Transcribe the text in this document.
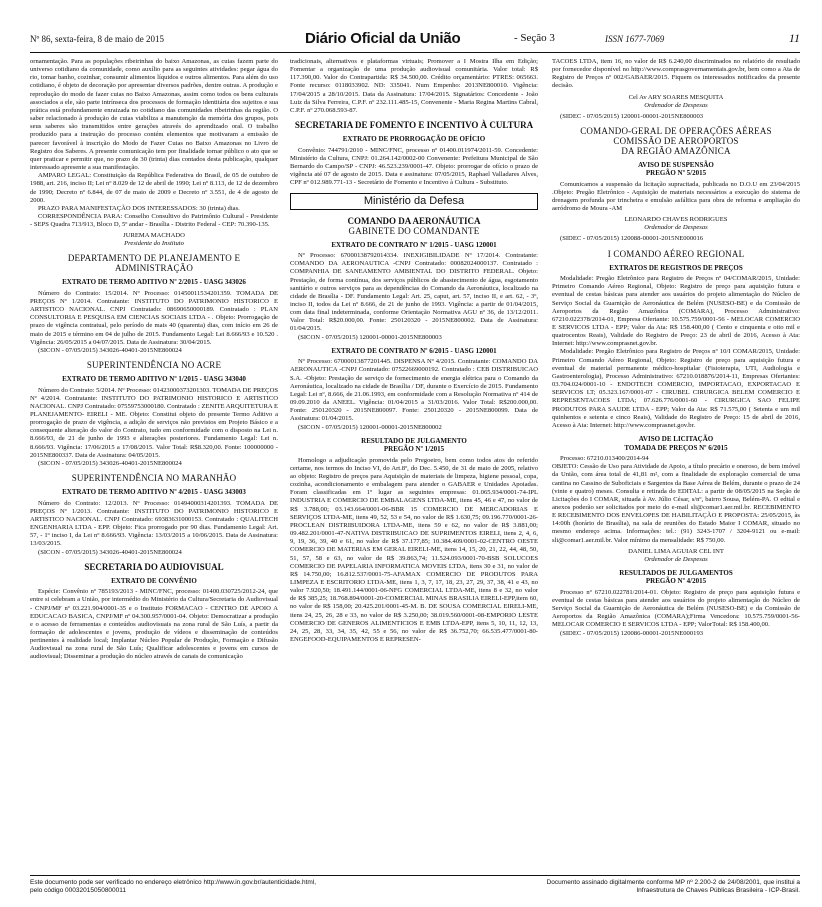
Nº 86, sexta-feira, 8 de maio de 2015	Diário Oficial da União	- Seção 3	ISSN 1677-7069	11

ornamentação. Para as populações ribeirinhas do baixo Amazonas, as cuias fazem parte do universo cotidiano da comunidade, como auxílio para as seguintes atividades: pegar água do rio, tomar banho, cozinhar, consumir alimentos líquidos e outros alimentos. Para além do uso cotidiano, é objeto de decoração por apresentar diversos padrões, dentre outras. A produção e reprodução do modo de fazer cuias no Baixo Amazonas, assim como todos os bens culturais associados a ele, são parte intrínseca dos processos de formação identitária dos sujeitos e sua prática está profundamente enraizada no cotidiano das comunidades ribeirinhas da região. O saber relacionado à produção de cuias viabiliza a manutenção da memória dos grupos, pois seus saberes são transmitidos entre gerações através do aprendizado oral. O trabalho produzido para a instrução do processo contém elementos que motivaram a emissão de parecer favorável à inscrição do Modo de Fazer Cuias no Baixo Amazonas no Livro de Registro dos Saberes. A presente comunicação tem por finalidade tornar público o ato que se quer praticar e permitir que, no prazo de 30 (trinta) dias contados desta publicação, qualquer interessado apresente a sua manifestação.

AMPARO LEGAL: Constituição da República Federativa do Brasil, de 05 de outubro de 1988, art. 216, inciso II; Lei nº 8.029 de 12 de abril de 1990; Lei nº 8.113, de 12 de dezembro de 1990; Decreto nº 6.844, de 07 de maio de 2009 e Decreto nº 3.551, de 4 de agosto de 2000.

PRAZO PARA MANIFESTAÇÃO DOS INTERESSADOS: 30 (trinta) dias.

CORRESPONDÊNCIA PARA: Conselho Consultivo do Patrimônio Cultural - Presidente - SEPS Quadra 713/913, Bloco D, 5º andar - Brasília - Distrito Federal - CEP: 70.390-135.

JUREMA MACHADO
Presidente do Instituto
DEPARTAMENTO DE PLANEJAMENTO E ADMINISTRAÇÃO
EXTRATO DE TERMO ADITIVO Nº 2/2015 - UASG 343026

Número do Contrato: 15/2014. Nº Processo: 01450011534201359. TOMADA DE PREÇOS Nº 1/2014. Contratante: INSTITUTO DO PATRIMONIO HISTORICO E ARTISTICO NACIONAL. CNPJ Contratado: 08690650000189. Contratado : PLAN CONSULTORIA E PESQUISA EM CIENCIAS SOCIAIS LTDA - . Objeto: Prorrogação de prazo de vigência contratual, pelo período de mais 40 (quarenta) dias, com início em 26 de maio de 2015 e término em 04 de julho de 2015. Fundamento Legal: Lei 8.666/93 e 10.520 . Vigência: 26/05/2015 a 04/07/2015. Data de Assinatura: 30/04/2015.

(SICON - 07/05/2015) 343026-40401-2015NE800024

SUPERINTENDÊNCIA NO ACRE
EXTRATO DE TERMO ADITIVO Nº 1/2015 - UASG 343040

Número do Contrato: 5/2014. Nº Processo: 01423000373201303. TOMADA DE PREÇOS Nº 4/2014. Contratante: INSTITUTO DO PATRIMONIO HISTORICO E ARTISTICO NACIONAL. CNPJ Contratado: 07559753000180. Contratado : ZENITE ARQUITETURA E PLANEJAMENTO- EIRELI - ME. Objeto: Constitui objeto do presente Termo Aditivo a prorrogação de prazo de vigência, a adição de serviços não previstos em Projeto Básico e a consequente alteração do valor do Contrato, tudo em conformidade com o disposto na Lei n. 8.666/93, de 21 de junho de 1993 e alterações posteriores. Fundamento Legal: Lei n. 8.666/93. Vigência: 17/06/2015 a 17/08/2015. Valor Total: R$8.320,00. Fonte: 100000000 - 2015NE800337. Data de Assinatura: 04/05/2015.

(SICON - 07/05/2015) 343026-40401-2015NE800024

SUPERINTENDÊNCIA NO MARANHÃO
EXTRATO DE TERMO ADITIVO Nº 4/2015 - UASG 343003

Número do Contrato: 12/2013. Nº Processo: 01494000314201393. TOMADA DE PREÇOS Nº 1/2013. Contratante: INSTITUTO DO PATRIMONIO HISTORICO E ARTISTICO NACIONAL. CNPJ Contratado: 69383631000153. Contratado : QUALITECH ENGENHARIA LTDA - EPP. Objeto: Fica prorrogado por 90 dias. Fundamento Legal: Art. 57, - 1º inciso I, da Lei nº 8.666/93. Vigência: 13/03/2015 a 10/06/2015. Data de Assinatura: 13/03/2015.

(SICON - 07/05/2015) 343026-40401-2015NE800024

SECRETARIA DO AUDIOVISUAL
EXTRATO DE CONVÊNIO

Espécie: Convênio nº 785193/2013 - MINC/FNC, processo: 01400.030725/2012-24, que entre si celebram a União, por intermédio do Ministério da Cultura/Secretaria do Audiovisual - CNPJ/MF nº 03.221.904/0001-35 e o Instituto FORMACAO - CENTRO DE APOIO A EDUCACAO BASICA, CNPJ/MF nº 04.300.957/0001-04. Objeto: Democratizar a produção e o acesso de ferramentas e conteúdos audiovisuais na zona rural de São Luís, a partir da formação de adolescentes e jovens, produção de vídeos e disseminação de conteúdos pertinentes à realidade local; Implantar Núcleo Popular de Produção, Formação e Difusão Audiovisual na zona rural de São Luís; Qualificar adolescentes e jovens em cursos de audiovisual; Disseminar a produção do núcleo através de canais de comunicação

tradicionais, alternativos e plataformas virtuais; Promover a I Mostra Ilha em Edição; Fomentar a organização de uma produção audiovisual comunitária. Valor total: R$ 117.390,00. Valor do Contrapartida: R$ 34.500,00. Crédito orçamentário: PTRES: 065663. Fonte recurso: 0118033902. ND: 335041. Num Empenho: 2013NE800010. Vigência: 17/04/2015 a 28/10/2015. Data da Assinatura: 17/04/2015. Signatários: Concedente - João Luiz da Silva Ferreira, C.P.F. nº 232.111.485-15, Convenente - Maria Regina Martins Cabral, C.P.F. nº 270.068.593-87.

SECRETARIA DE FOMENTO E INCENTIVO À CULTURA
EXTRATO DE PRORROGAÇÃO DE OFÍCIO

Convênio: 744791/2010 - MINC/FNC, processo nº 01400.011974/2011-59. Concedente: Ministério da Cultura, CNPJ: 01.264.142/0002-00 Convenente: Prefeitura Municipal de São Bernardo do Campo/SP - CNPJ: 46.523.239/0001-47. Objeto: prorrogar de ofício o prazo de vigência até 07 de agosto de 2015. Data e assinatura: 07/05/2015, Raphael Valladares Alves, CPF nº 012.989.771-13 - Secretário de Fomento e Incentivo à Cultura - Substituto.

Ministério da Defesa
COMANDO DA AERONÁUTICA
GABINETE DO COMANDANTE
EXTRATO DE CONTRATO Nº 1/2015 - UASG 120001

Nº Processo: 67000138792014334. INEXIGIBILIDADE Nº 17/2014. Contratante: COMANDO DA AERONAUTICA -CNPJ Contratado: 00082024000137. Contratado : COMPANHIA DE SANEAMENTO AMBIENTAL DO DISTRITO FEDERAL. Objeto: Prestação, de forma contínua, dos serviços públicos de abastecimento de água, esgotamento sanitário e outros serviços para as dependências do Comando da Aeronáutica, localizado na cidade de Brasília - DF. Fundamento Legal: Art. 25, caput, art. 57, inciso II, e art. 62, - 3º, inciso II, todos da Lei nº 8.666, de 21 de junho de 1993. Vigência: a partir de 01/04/2015, com data final indeterminada, conforme Orientação Normativa AGU nº 36, de 13/12/2011. Valor Total: R$20.000,00. Fonte: 250120320 - 2015NE800002. Data de Assinatura: 01/04/2015.

(SICON - 07/05/2015) 120001-00001-2015NE800003

EXTRATO DE CONTRATO Nº 6/2015 - UASG 120001

Nº Processo: 67000013877201445. DISPENSA Nº 4/2015. Contratante: COMANDO DA AERONAUTICA -CNPJ Contratado: 07522669000192. Contratado : CEB DISTRIBUICAO S.A. -Objeto: Prestação de serviço de fornecimento de energia elétrica para o Comando da Aeronáutica, localizado na cidade de Brasília / DF, durante o Exercício de 2015. Fundamento Legal: Lei nº, 8.666, de 21.06.1993, em conformidade com a Resolução Normativa nº 414 de 09.09.2010 da ANEEL. Vigência: 01/04/2015 a 31/03/2016. Valor Total: R$200.000,00. Fonte: 250120320 - 2015NE800097. Fonte: 250120320 - 2015NE800099. Data de Assinatura: 01/04/2015.

(SICON - 07/05/2015) 120001-00001-2015NE800002

RESULTADO DE JULGAMENTO
PREGÃO Nº 1/2015

Homologo a adjudicação promovida pelo Pregoeiro, bem como todos atos do referido certame, nos termos do Inciso VI, do Art.8º, do Dec. 5.450, de 31 de maio de 2005, relativo ao objeto: Registro de preços para Aquisição de materiais de limpeza, higiene pessoal, copa, cozinha, acondicionamento e embalagem para atender o GABAER e Unidades Apoiadas. Foram classificadas em 1º lugar as seguintes empresas: 01.065.934/0001-74-IPL INDUSTRIA E COMERCIO DE EMBALAGENS LTDA-ME, itens 45, 46 e 47, no valor de R$ 3.788,00; 03.143.664/0001-06-BBR 15 COMERCIO DE MERCADORIAS E SERVIÇOS LTDA-ME, itens 49, 52, 53 e 54, no valor de R$ 1.630,75; 09.196.770/0001-26-PROCLEAN DISTRIBUIDORA LTDA-ME, itens 59 e 62, no valor de R$ 3.881,00; 09.482.201/0001-47-NATIVA DISTRIBUICAO DE SUPRIMENTOS EIRELI, itens 2, 4, 6, 9, 19, 36, 39, 40 e 61, no valor de R$ 37.177,85; 10.384.409/0001-02-CENTRO OESTE COMERCIO DE MATERIAS EM GERAL EIRELI-ME, itens 14, 15, 20, 21, 22, 44, 48, 50, 51, 57, 58 e 63, no valor de R$ 39.863,74; 11.524.093/0001-70-BSB SOLUCOES COMERCIO DE PAPELARIA INFORMATICA MOVEIS LTDA, itens 30 e 31, no valor de R$ 14.750,00; 16.812.537/0001-75-AFAMAX COMERCIO DE PRODUTOS PARA LIMPEZA E ESCRITORIO LTDA-ME, itens 1, 3, 7, 17, 18, 23, 27, 29, 37, 38, 41 e 43, no valor 7.920,50; 18.491.144/0001-06-NFG COMERCIAL LTDA-ME, itens 8 e 32, no valor de R$ 385,25; 18.768.894/0001-20-COMERCIAL MINAS BRASILIA EIRELI-EPP,item 60, no valor de R$ 158,00; 20.425.201/0001-45-M. B. DE SOUSA COMERCIAL EIRELI-ME, itens 24, 25, 26, 28 e 33, no valor de R$ 3.250,00; 38.019.560/0001-08-EMPORIO LESTE COMERCIO DE GENEROS ALIMENTICIOS E EMB LTDA-EPP, itens 5, 10, 11, 12, 13, 24, 25, 28, 33, 34, 35, 42, 55 e 56, no valor de R$ 36.752,70; 66.535.477/0001-80-ENGEFOOD-EQUIPAMENTOS E REPRESEN-

TACOES LTDA, item 16, no valor de R$ 6.240,00 discriminados no relatório de resultado por fornecedor disponível no http://www.comprasgovernamentais.gov.br, bem como a Ata de Registro de Preços nº 002/GABAER/2015. Fiquem os interessados notificados da presente decisão.

Cel Av ARY SOARES MESQUITA
Ordenador de Despesas

(SIDEC - 07/05/2015) 120001-00001-2015NE800003

COMANDO-GERAL DE OPERAÇÕES AÉREAS
COMISSÃO DE AEROPORTOS
DA REGIÃO AMAZÔNICA
AVISO DE SUSPENSÃO
PREGÃO Nº 5/2015

Comunicamos a suspensão da licitação supracitada, publicada no D.O.U em 23/04/2015 .Objeto: Pregão Eletrônico - Aquisição de materiais necessários a execução do sistema de drenagem profunda por trincheira e emulsão asfáltica para obra de reforma e ampliação do aeródromo de Moura -AM

LEONARDO CHAVES RODRIGUES
Ordenador de Despesas

(SIDEC - 07/05/2015) 120088-00001-2015NE000016

I COMANDO AÉREO REGIONAL
EXTRATOS DE REGISTROS DE PREÇOS

Modalidade: Pregão Eletrônico para Registro de Preços nº 04/COMAR/2015, Unidade: Primeiro Comando Aéreo Regional, Objeto: Registro de preço para aquisição futura e eventual de cestas básicas para atender aos usuários do projeto alimentação do Núcleo de Serviço Social da Guarnição de Aeronáutica de Belém (NUSESO-BE) e da Comissão de Aeroportos da Região Amazônica (COMARA), Processo Administrativo: 67210.022378/2014-01, Empresa Ofertante: 10.575.759/0001-56 - MELOCAR COMERCIO E SERVICOS LTDA - EPP; Valor da Ata: R$ 158.400,00 ( Cento e cinquenta e oito mil e quatrocentos Reais), Validade do Registro de Preço: 23 de abril de 2016, Acesso à Ata: Internet: http://www.comprasnet.gov.br.

Modalidade: Pregão Eletrônico para Registro de Preços nº 10/I COMAR/2015, Unidade: Primeiro Comando Aéreo Regional, Objeto: Registro de preço para aquisição futura e eventual de material permanente médico-hospitalar (Fisioterapia, UTI, Audiologia e Gastroenterologia), Processo Administrativo: 67210.018876/2014-11, Empresas Ofertantes: 03.704.024/0001-10 - ENDOTECH COMERCIO, IMPORTACAO, EXPORTACAO E SERVICOS LT; 05.323.167/0001-07 - CIRUBEL CIRURGICA BELEM COMERCIO E REPRESENTACOES LTDA; 07.626.776/0001-60 - CIRURGICA SAO FELIPE PRODUTOS PARA SAUDE LTDA - EPP; Valor da Ata: R$ 71.575,00 ( Setenta e um mil quinhentos e setenta e cinco Reais), Validade do Registro de Preço: 15 de abril de 2016, Acesso à Ata: Internet: http://www.comprasnet.gov.br.

AVISO DE LICITAÇÃO
TOMADA DE PREÇOS Nº 6/2015

Processo: 67210.013400/2014-94

OBJETO: Cessão de Uso para Atividade de Apoio, a título precário e oneroso, de bem imóvel da União, com área total de 41,81 m², com a finalidade de exploração comercial de uma cantina no Cassino de Suboficiais e Sargentos da Base Aérea de Belém, durante o prazo de 24 (vinte e quatro) meses. Consulta e retirada do EDITAL: a partir de 08/05/2015 na Seção de Licitações do I COMAR, situada à Av. Júlio César, s/nº, bairro Sousa, Belém-PA. O edital e anexos poderão ser solicitados por meio do e-mail sli@comar1.aer.mil.br. RECEBIMENTO E RECEBIMENTO DOS ENVELOPES DE HABILITAÇÃO E PROPOSTA: 25/05/2015, às 14:00h (horário de Brasília), na sala de reuniões do Estado Maior I COMAR, situado no mesmo endereço acima. Informações: tel.: (91) 3243-1707 / 3204-9121 ou e-mail: sli@comar1.aer.mil.br. Valor mínimo da mensalidade: R$ 750,00.

DANIEL LIMA AGUIAR CEL INT
Ordenador de Despesas
RESULTADOS DE JULGAMENTOS
PREGÃO Nº 4/2015

Processo nº 67210.022781/2014-01. Objeto: Registro de preço para aquisição futura e eventual de cestas básicas para atender aos usuários do projeto alimentação do Núcleo de Serviço Social da Guarnição de Aeronáutica de Belém (NUSESO-BE) e da Comissão de Aeroportos da Região Amazônica (COMARA);Firma Vencedora: 10.575.759/0001-56- MELOCAR COMERCIO E SERVICOS LTDA - EPP; ValorTotal: R$ 158.400,00.

(SIDEC - 07/05/2015) 120086-00001-2015NE000193

Este documento pode ser verificado no endereço eletrônico http://www.in.gov.br/autenticidade.html,
pelo código 00032015050800011
Documento assinado digitalmente conforme MP nº 2.200-2 de 24/08/2001, que institui a
Infraestrutura de Chaves Públicas Brasileira - ICP-Brasil.
